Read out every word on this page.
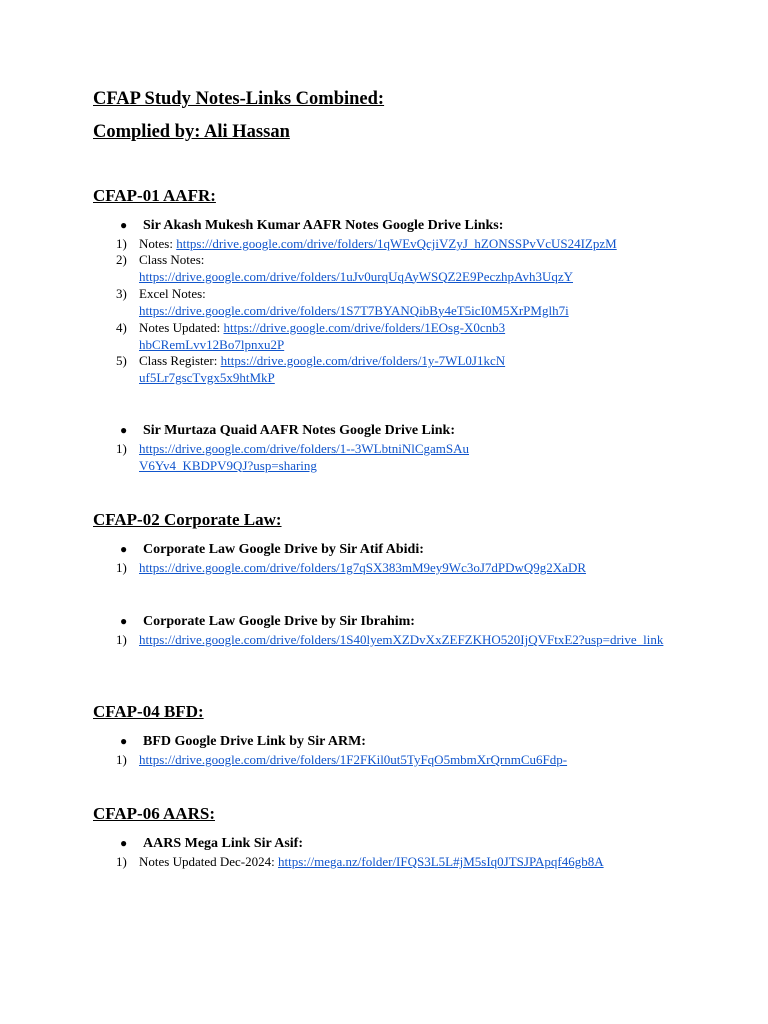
CFAP Study Notes-Links Combined:
Complied by: Ali Hassan
CFAP-01 AAFR:
● Sir Akash Mukesh Kumar AAFR Notes Google Drive Links:
1) Notes: https://drive.google.com/drive/folders/1qWEvQcjiVZyJ_hZONSSPvVcUS24IZpzM
2) Class Notes:
https://drive.google.com/drive/folders/1uJv0urqUqAyWSQZ2E9PeczhpAvh3UqzY
3) Excel Notes:
https://drive.google.com/drive/folders/1S7T7BYANQibBy4eT5icI0M5XrPMglh7i
4) Notes Updated: https://drive.google.com/drive/folders/1EOsg-X0cnb3hbCRemLvv12Bo7lpnxu2P
5) Class Register: https://drive.google.com/drive/folders/1y-7WL0J1kcNuf5Lr7gscTvgx5x9htMkP
● Sir Murtaza Quaid AAFR Notes Google Drive Link:
1) https://drive.google.com/drive/folders/1--3WLbtniNlCgamSAuV6Yv4_KBDPV9QJ?usp=sharing
CFAP-02 Corporate Law:
● Corporate Law Google Drive by Sir Atif Abidi:
1) https://drive.google.com/drive/folders/1g7qSX383mM9ey9Wc3oJ7dPDwQ9g2XaDR
● Corporate Law Google Drive by Sir Ibrahim:
1) https://drive.google.com/drive/folders/1S40lyemXZDvXxZEFZKHO520IjQVFtxE2?usp=drive_link
CFAP-04 BFD:
● BFD Google Drive Link by Sir ARM:
1) https://drive.google.com/drive/folders/1F2FKil0ut5TyFqO5mbmXrQrnmCu6Fdp-
CFAP-06 AARS:
● AARS Mega Link Sir Asif:
1) Notes Updated Dec-2024: https://mega.nz/folder/IFQS3L5L#jM5sIq0JTSJPApqf46gb8A
